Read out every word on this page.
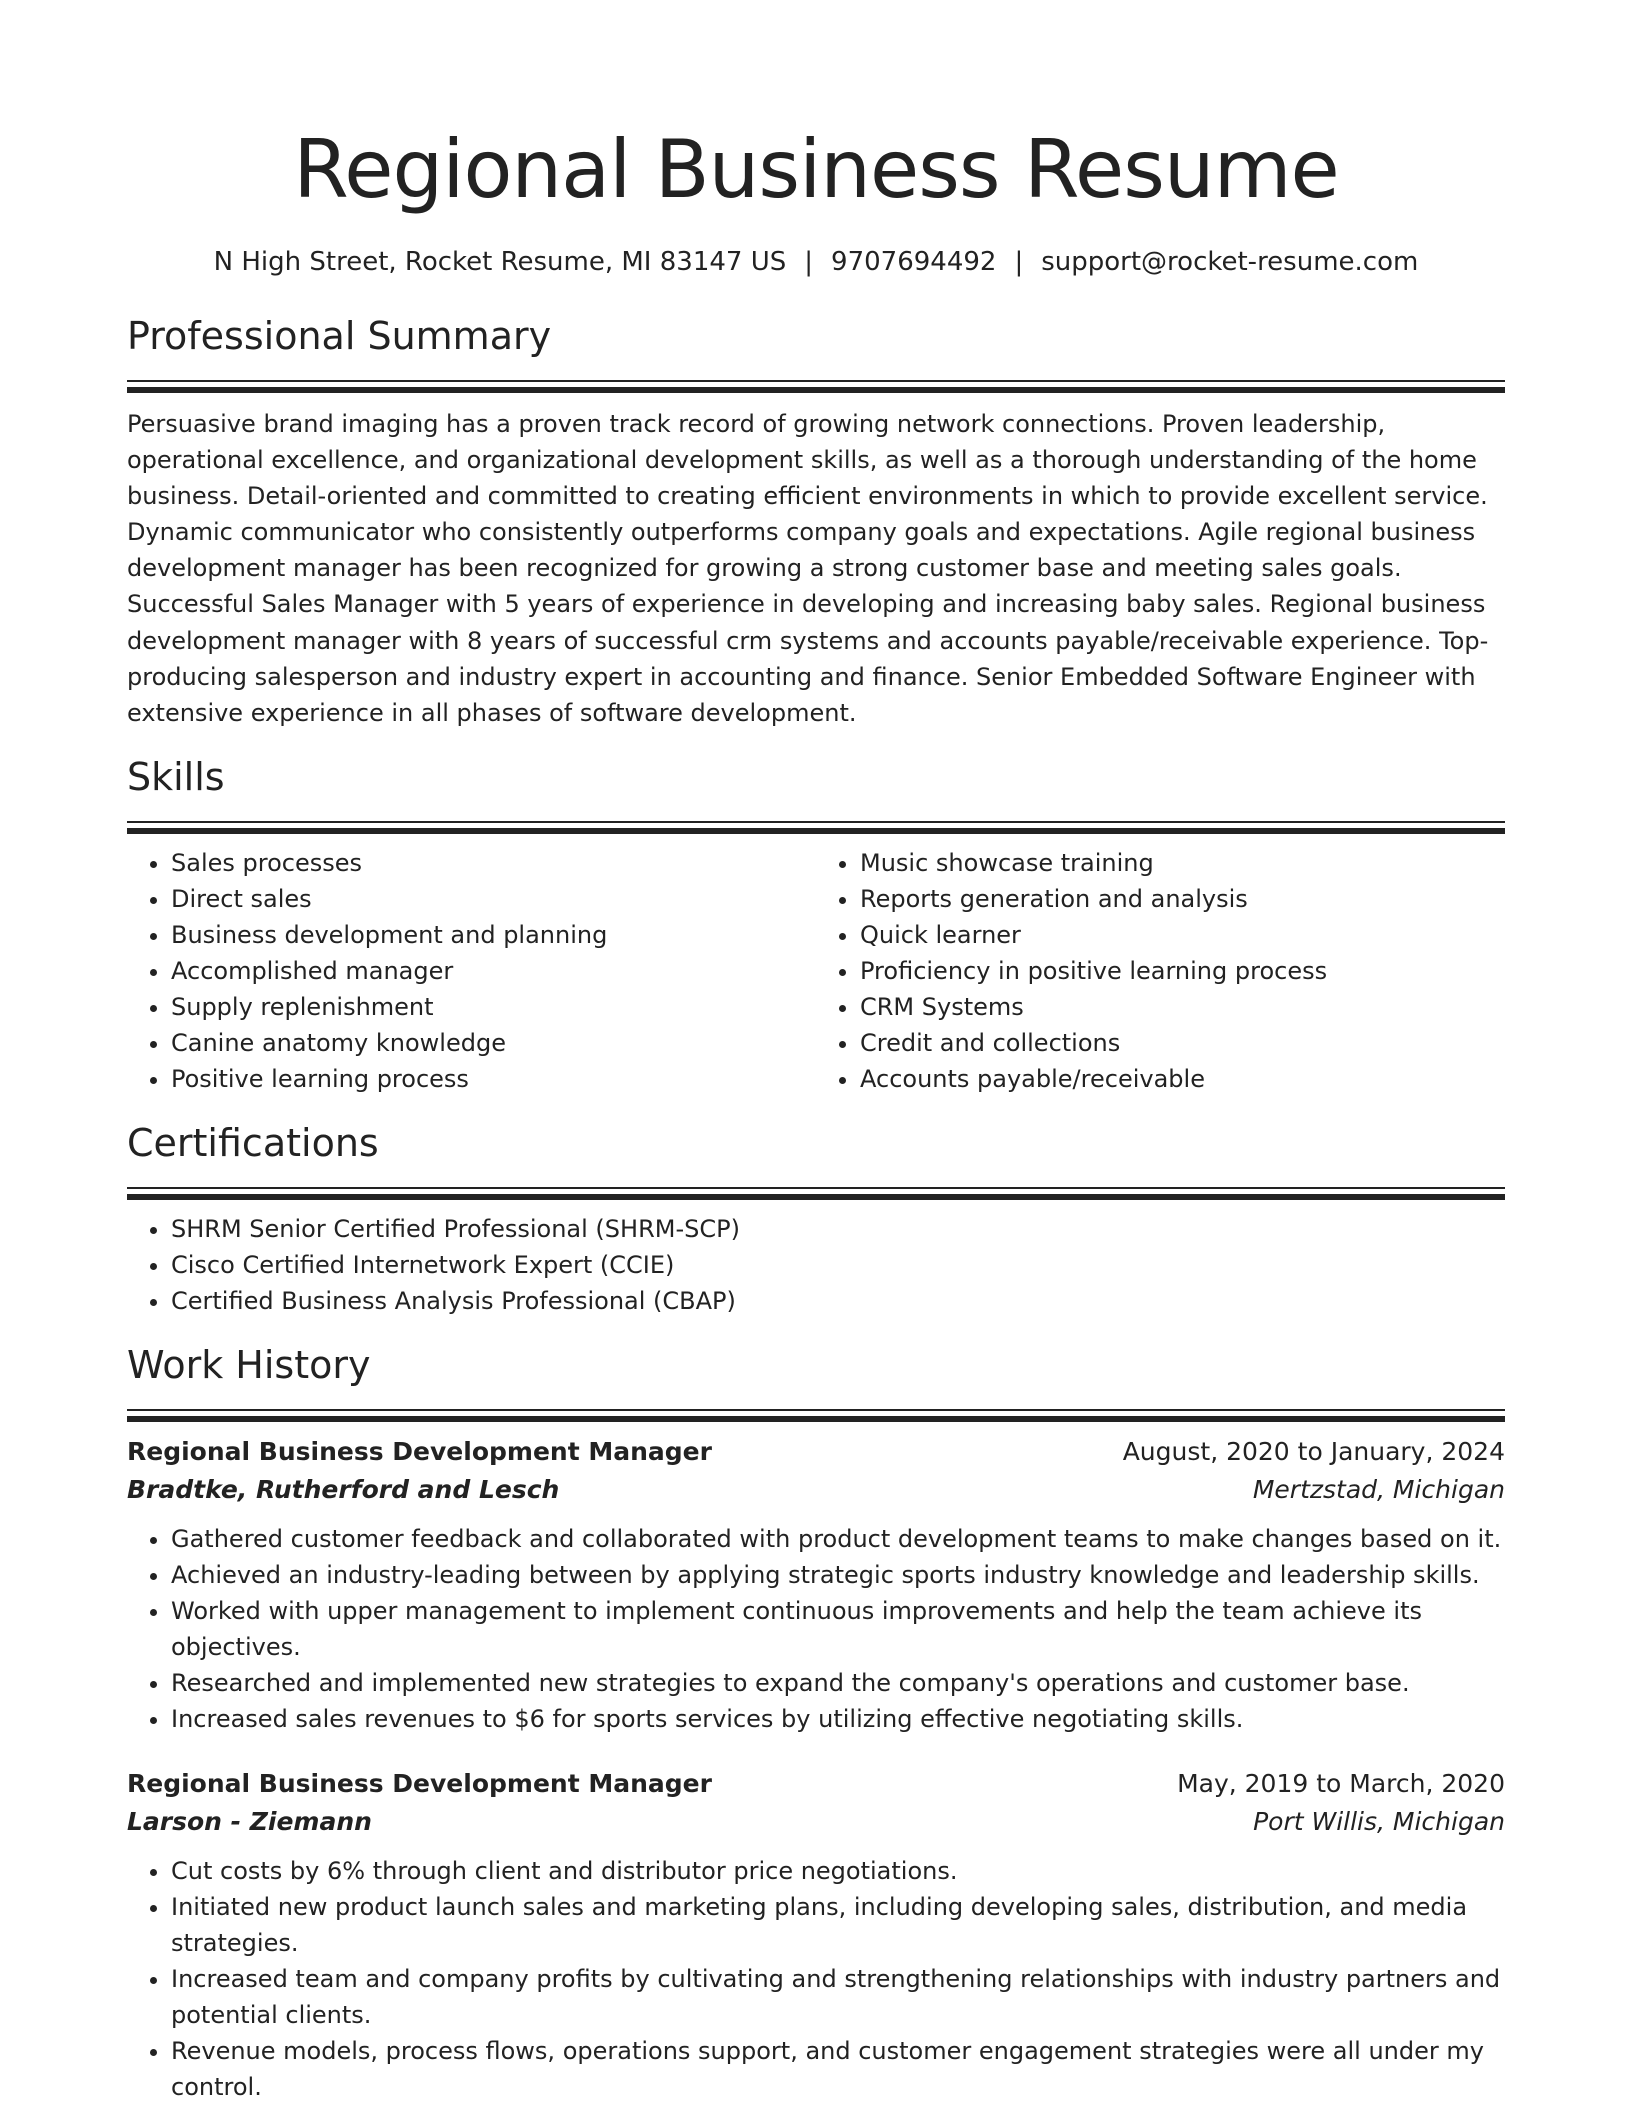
Regional Business Resume
N High Street, Rocket Resume, MI 83147 US | 9707694492 | support@rocket-resume.com
Professional Summary

Persuasive brand imaging has a proven track record of growing network connections. Proven leadership, operational excellence, and organizational development skills, as well as a thorough understanding of the home business. Detail-oriented and committed to creating efficient environments in which to provide excellent service. Dynamic communicator who consistently outperforms company goals and expectations. Agile regional business development manager has been recognized for growing a strong customer base and meeting sales goals. Successful Sales Manager with 5 years of experience in developing and increasing baby sales. Regional business development manager with 8 years of successful crm systems and accounts payable/receivable experience. Top-producing salesperson and industry expert in accounting and finance. Senior Embedded Software Engineer with extensive experience in all phases of software development.

Skills
• Sales processes
• Direct sales
• Business development and planning
• Accomplished manager
• Supply replenishment
• Canine anatomy knowledge
• Positive learning process
• Music showcase training
• Reports generation and analysis
• Quick learner
• Proficiency in positive learning process
• CRM Systems
• Credit and collections
• Accounts payable/receivable
Certifications
• SHRM Senior Certified Professional (SHRM-SCP)
• Cisco Certified Internetwork Expert (CCIE)
• Certified Business Analysis Professional (CBAP)
Work History
Regional Business Development Manager	August, 2020 to January, 2024
Bradtke, Rutherford and Lesch	Mertzstad, Michigan
• Gathered customer feedback and collaborated with product development teams to make changes based on it.
• Achieved an industry-leading between by applying strategic sports industry knowledge and leadership skills.
• Worked with upper management to implement continuous improvements and help the team achieve its objectives.
• Researched and implemented new strategies to expand the company's operations and customer base.
• Increased sales revenues to $6 for sports services by utilizing effective negotiating skills.
Regional Business Development Manager	May, 2019 to March, 2020
Larson - Ziemann	Port Willis, Michigan
• Cut costs by 6% through client and distributor price negotiations.
• Initiated new product launch sales and marketing plans, including developing sales, distribution, and media strategies.
• Increased team and company profits by cultivating and strengthening relationships with industry partners and potential clients.
• Revenue models, process flows, operations support, and customer engagement strategies were all under my control.
